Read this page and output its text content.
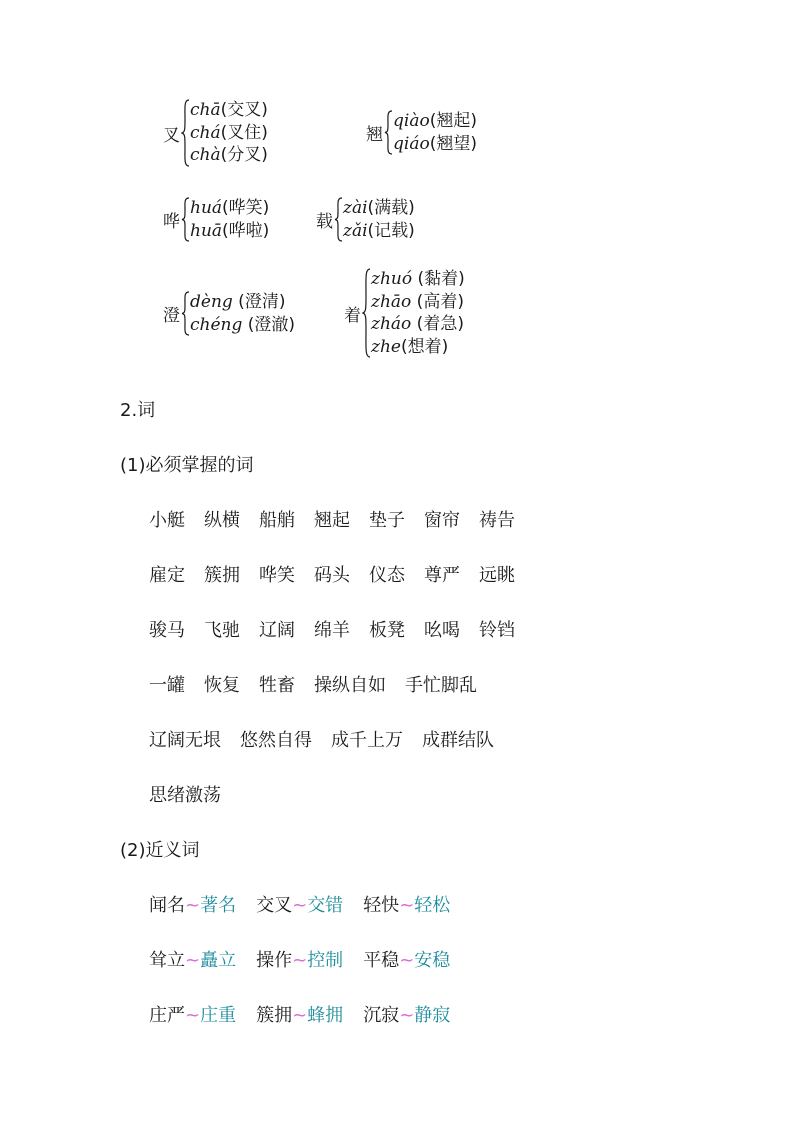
叉
chā(交叉)
chá(叉住)
chà(分叉)
翘
qiào(翘起)
qiáo(翘望)
哗
huá(哗笑)
huā(哗啦)	载
zài(满载)
zǎi(记载)
澄
dèng (澄清)
chéng (澄澈)	着
zhuó (黏着)
zhāo (高着)
zháo (着急)
zhe(想着)
2.词
(1)必须掌握的词
小艇 纵横 船艄 翘起 垫子 窗帘 祷告
雇定 簇拥 哗笑 码头 仪态 尊严 远眺
骏马 飞驰 辽阔 绵羊 板凳 吆喝 铃铛
一罐 恢复 牲畜 操纵自如 手忙脚乱
辽阔无垠 悠然自得 成千上万 成群结队
思绪激荡
(2)近义词
闻名~著名 交叉~交错 轻快~轻松
耸立~矗立 操作~控制 平稳~安稳
庄严~庄重 簇拥~蜂拥 沉寂~静寂
